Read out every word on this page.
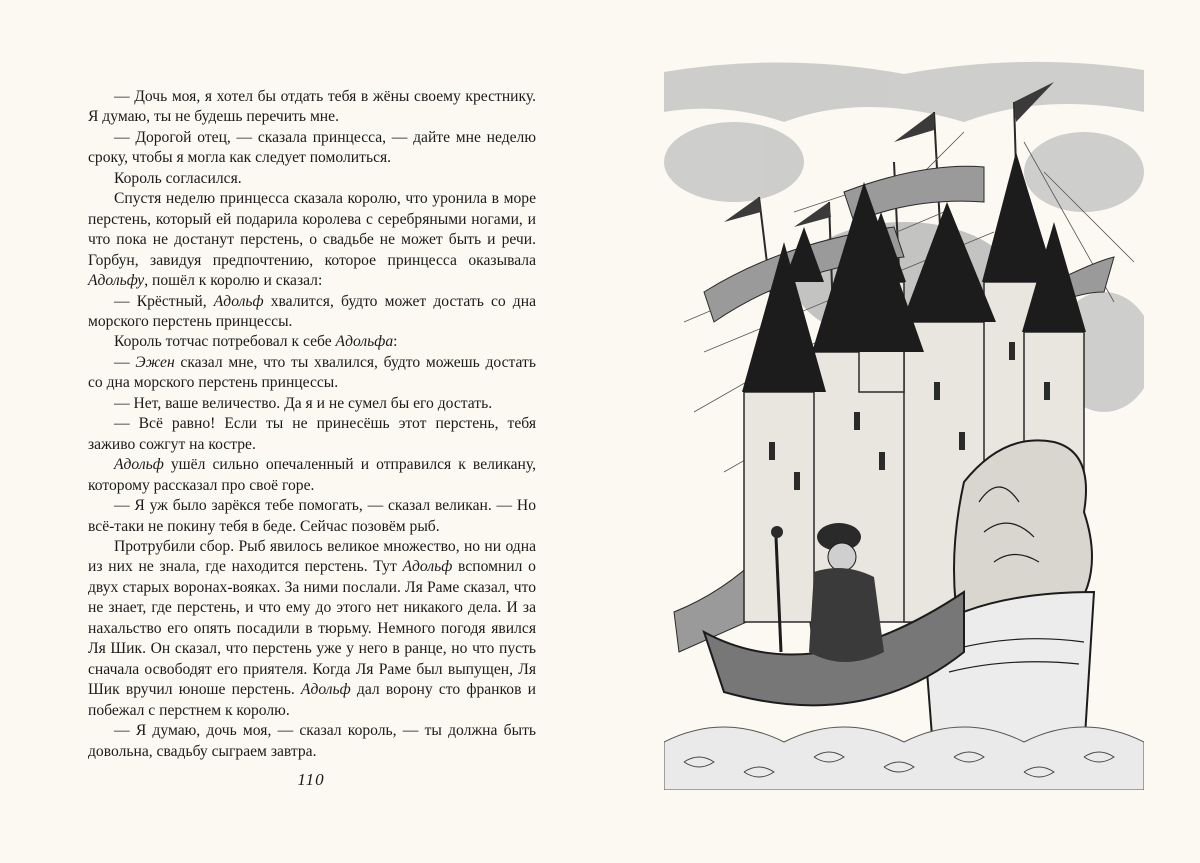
— Дочь моя, я хотел бы отдать тебя в жёны своему крестнику. Я думаю, ты не будешь перечить мне.

— Дорогой отец, — сказала принцесса, — дайте мне неделю сроку, чтобы я могла как следует помолиться.

Король согласился.

Спустя неделю принцесса сказала королю, что уронила в море перстень, который ей подарила королева с серебряными ногами, и что пока не достанут перстень, о свадьбе не может быть и речи. Горбун, завидуя предпочтению, которое принцесса оказывала Адольфу, пошёл к королю и сказал:

— Крёстный, Адольф хвалится, будто может достать со дна морского перстень принцессы.

Король тотчас потребовал к себе Адольфа:

— Эжен сказал мне, что ты хвалился, будто можешь достать со дна морского перстень принцессы.

— Нет, ваше величество. Да я и не сумел бы его достать.

— Всё равно! Если ты не принесёшь этот перстень, тебя заживо сожгут на костре.

Адольф ушёл сильно опечаленный и отправился к великану, которому рассказал про своё горе.

— Я уж было зарёкся тебе помогать, — сказал великан. — Но всё-таки не покину тебя в беде. Сейчас позовём рыб.

Протрубили сбор. Рыб явилось великое множество, но ни одна из них не знала, где находится перстень. Тут Адольф вспомнил о двух старых воронах-вояках. За ними послали. Ля Раме сказал, что не знает, где перстень, и что ему до этого нет никакого дела. И за нахальство его опять посадили в тюрьму. Немного погодя явился Ля Шик. Он сказал, что перстень уже у него в ранце, но что пусть сначала освободят его приятеля. Когда Ля Раме был выпущен, Ля Шик вручил юноше перстень. Адольф дал ворону сто франков и побежал с перстнем к королю.

— Я думаю, дочь моя, — сказал король, — ты должна быть довольна, свадьбу сыграем завтра.

110
